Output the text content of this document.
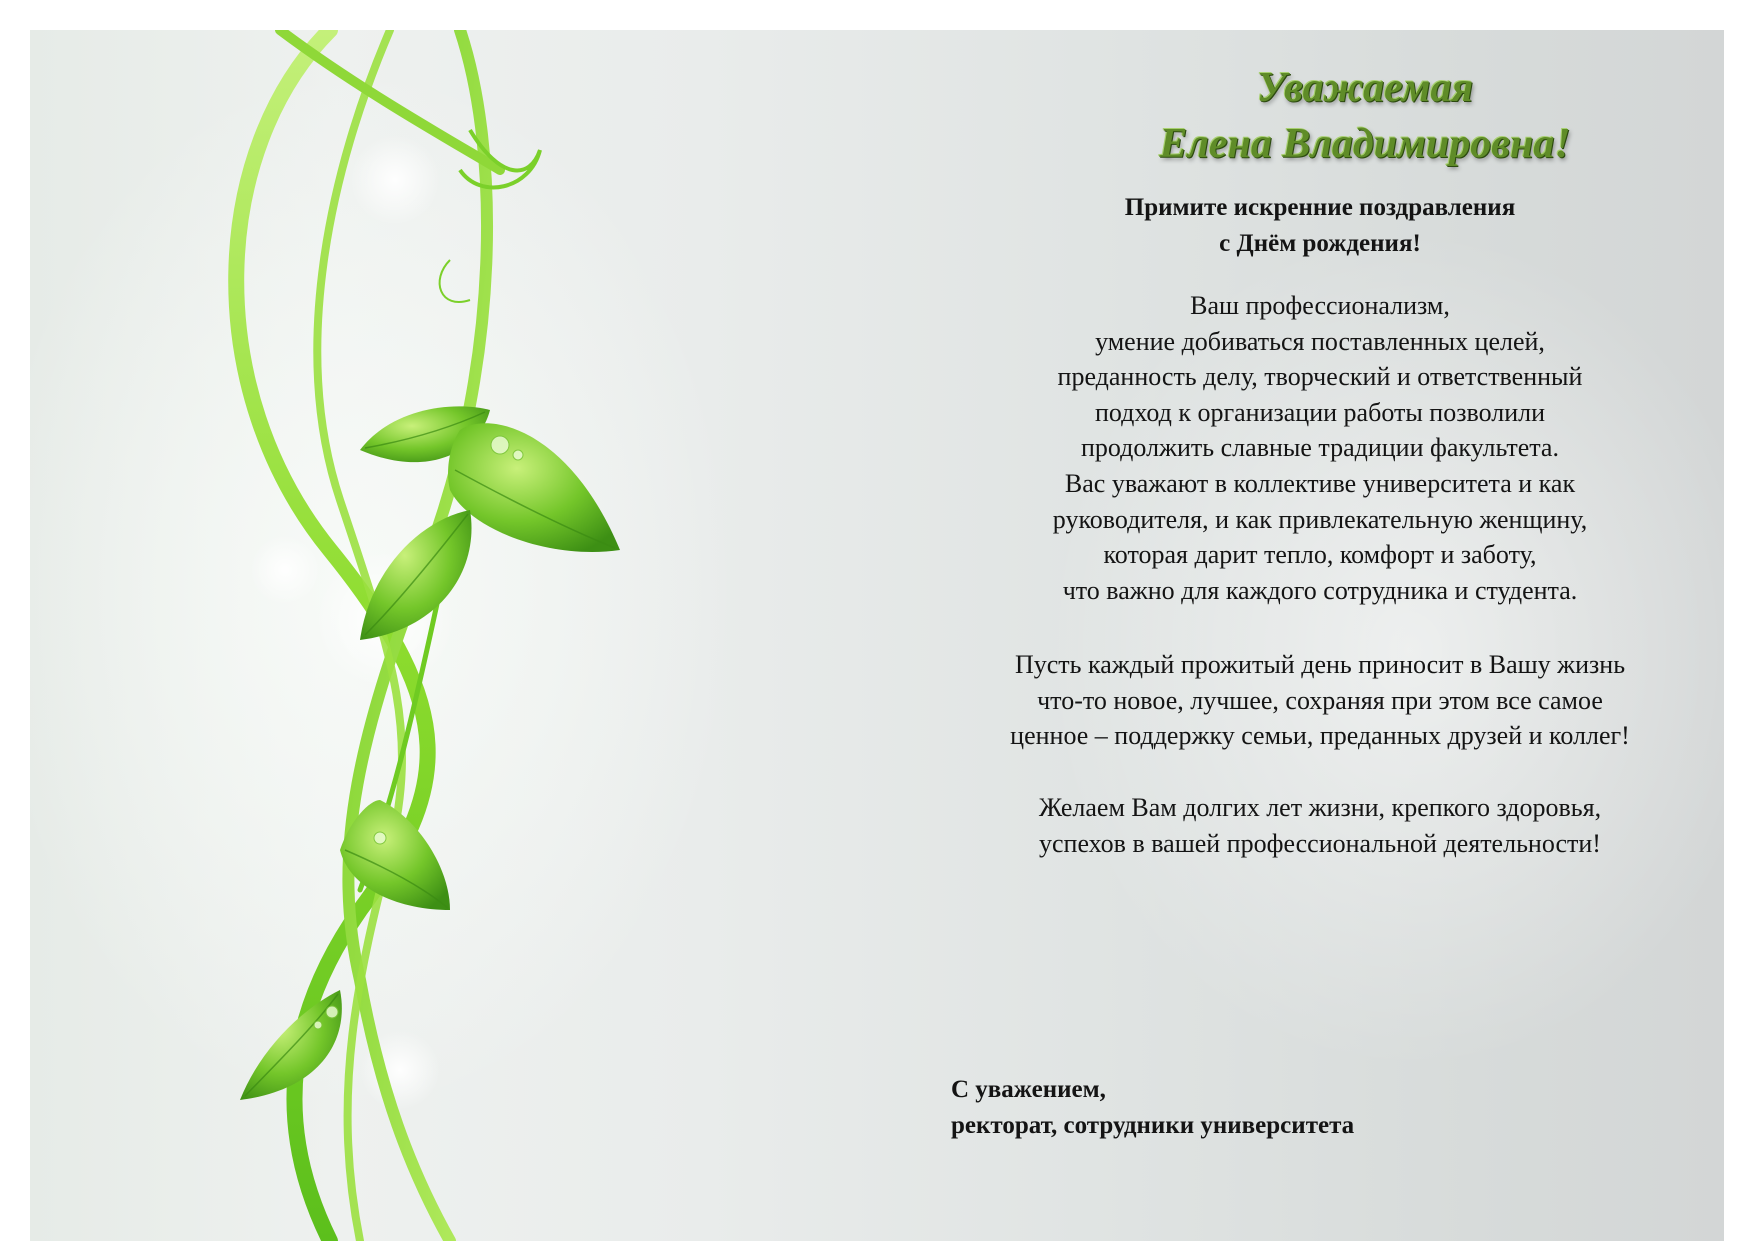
Уважаемая
Елена Владимировна!
Примите искренние поздравления
с Днём рождения!
Ваш профессионализм,
умение добиваться поставленных целей,
преданность делу, творческий и ответственный
подход к организации работы позволили
продолжить славные традиции факультета.
Вас уважают в коллективе университета и как
руководителя, и как привлекательную женщину,
которая дарит тепло, комфорт и заботу,
что важно для каждого сотрудника и студента.
Пусть каждый прожитый день приносит в Вашу жизнь
что-то новое, лучшее, сохраняя при этом все самое
ценное – поддержку семьи, преданных друзей и коллег!
Желаем Вам долгих лет жизни, крепкого здоровья,
успехов в вашей профессиональной деятельности!
С уважением,
ректорат, сотрудники университета
